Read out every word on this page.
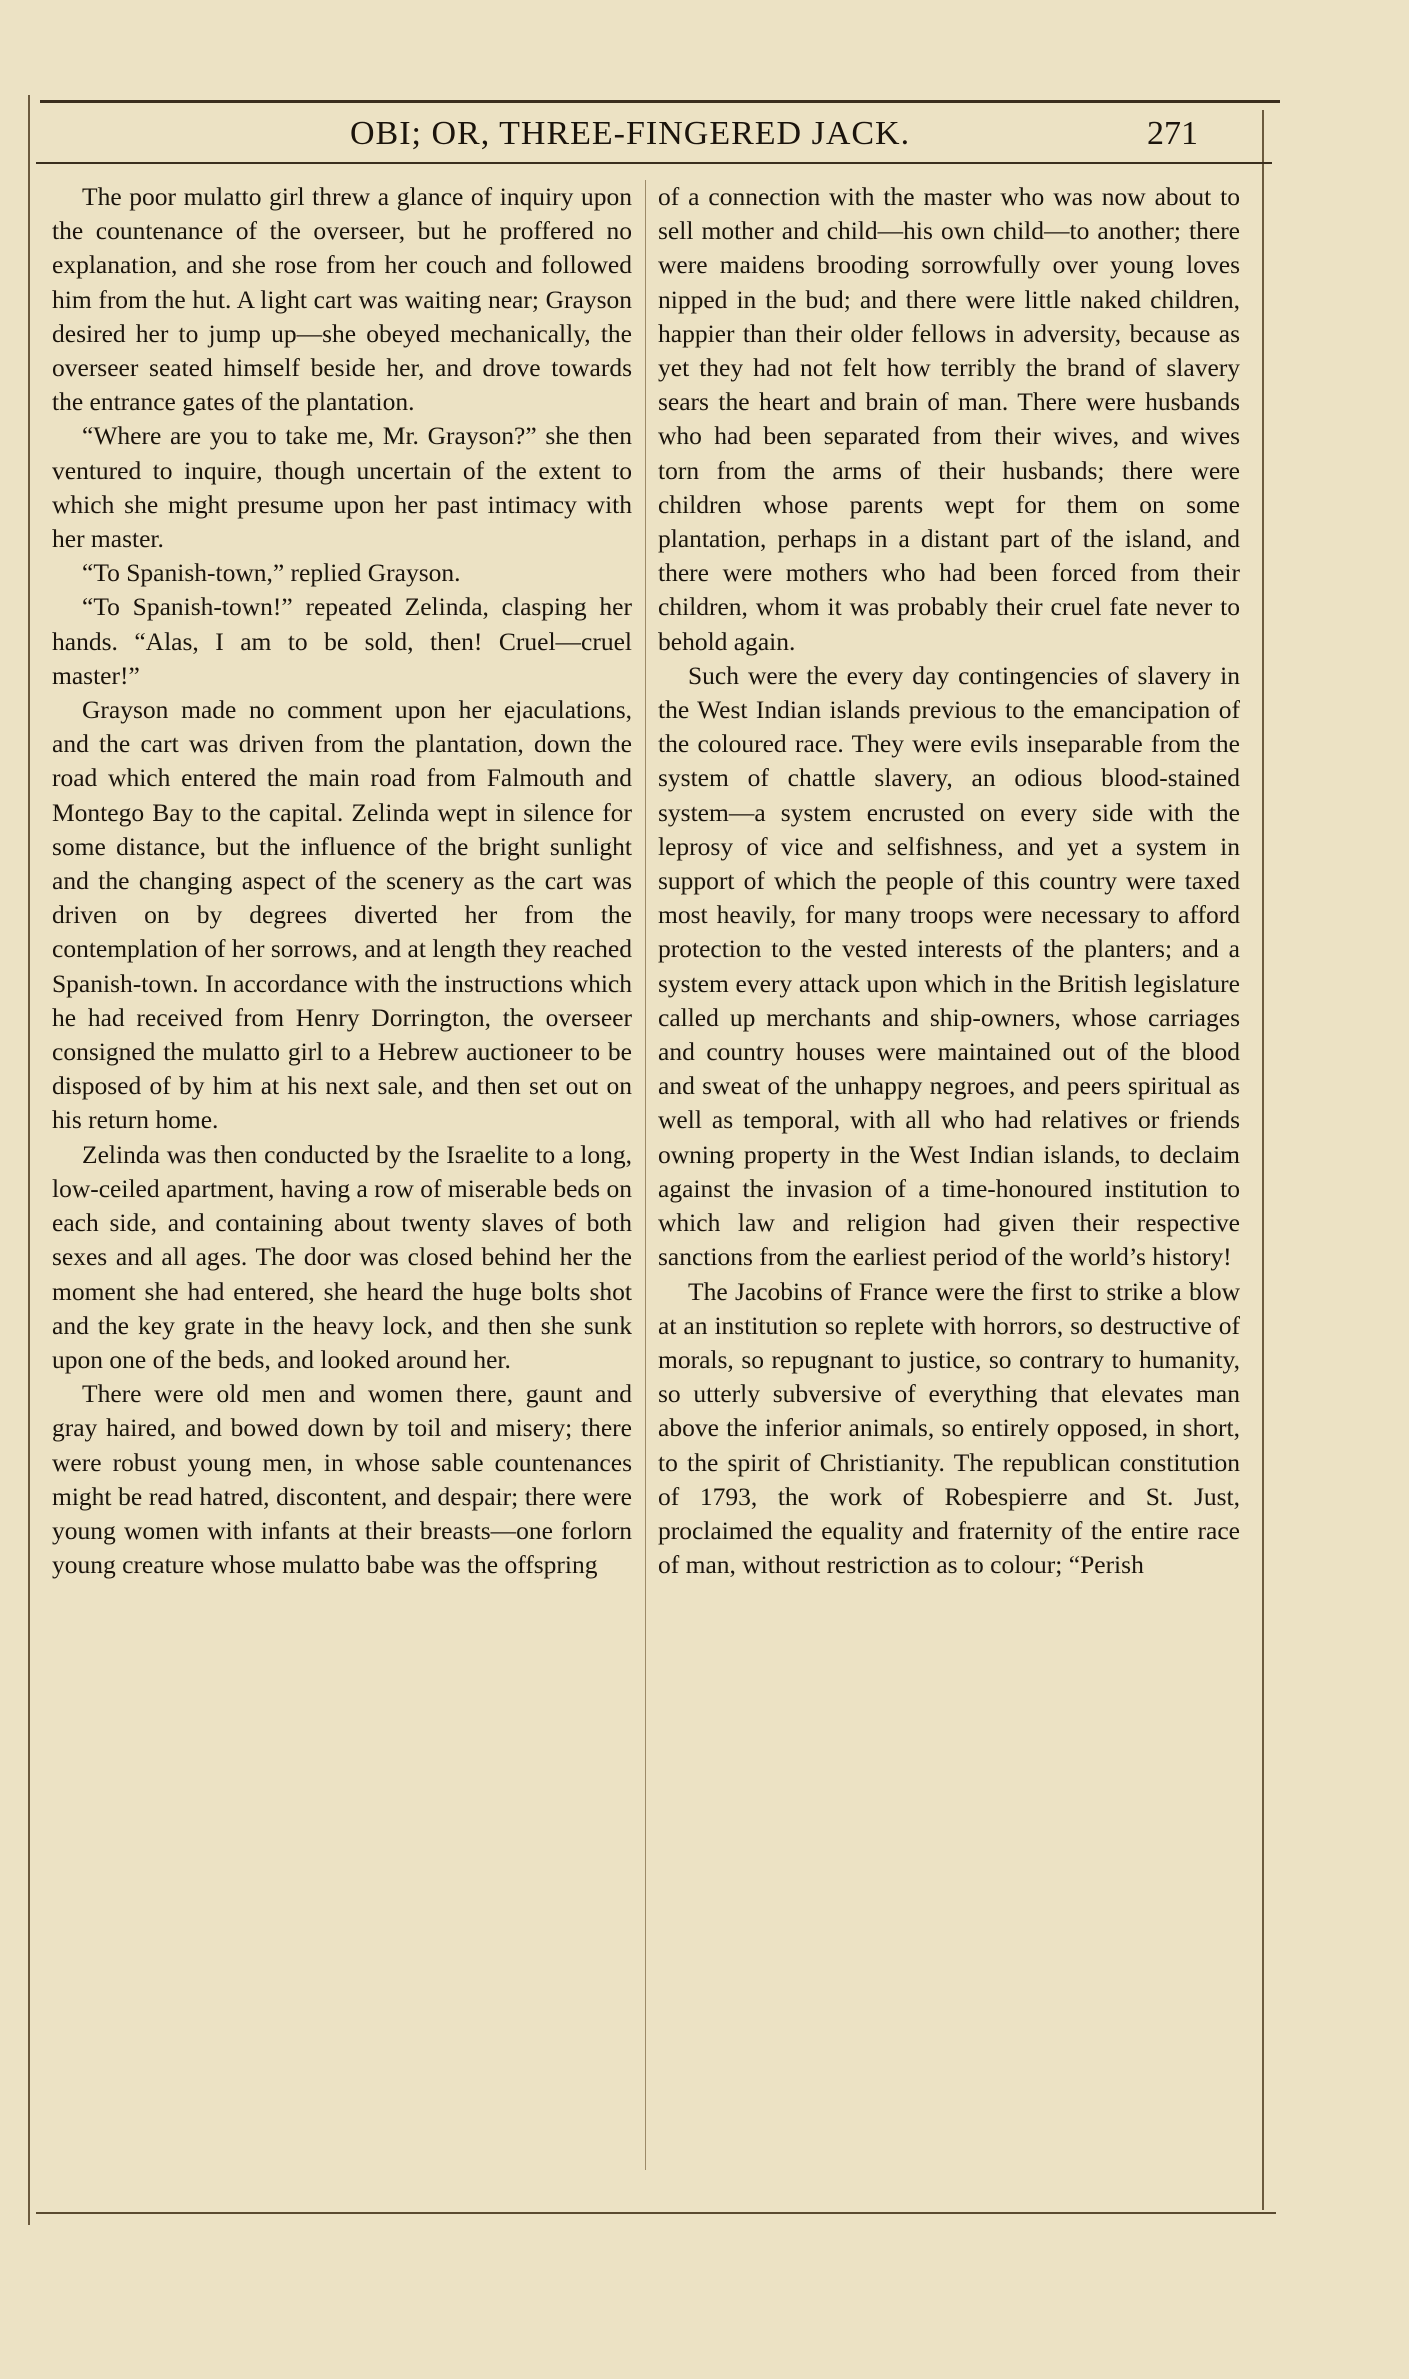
OBI; OR, THREE-FINGERED JACK.	271

The poor mulatto girl threw a glance of inquiry upon the countenance of the overseer, but he proffered no explanation, and she rose from her couch and followed him from the hut. A light cart was waiting near; Grayson desired her to jump up—she obeyed mechanically, the overseer seated himself beside her, and drove towards the entrance gates of the plantation.

“Where are you to take me, Mr. Grayson?” she then ventured to inquire, though uncertain of the extent to which she might presume upon her past intimacy with her master.

“To Spanish-town,” replied Grayson.

“To Spanish-town!” repeated Zelinda, clasping her hands. “Alas, I am to be sold, then! Cruel—cruel master!”

Grayson made no comment upon her ejaculations, and the cart was driven from the plantation, down the road which entered the main road from Falmouth and Montego Bay to the capital. Zelinda wept in silence for some distance, but the influence of the bright sunlight and the changing aspect of the scenery as the cart was driven on by degrees diverted her from the contemplation of her sorrows, and at length they reached Spanish-town. In accordance with the instructions which he had received from Henry Dorrington, the overseer consigned the mulatto girl to a Hebrew auctioneer to be disposed of by him at his next sale, and then set out on his return home.

Zelinda was then conducted by the Israelite to a long, low-ceiled apartment, having a row of miserable beds on each side, and containing about twenty slaves of both sexes and all ages. The door was closed behind her the moment she had entered, she heard the huge bolts shot and the key grate in the heavy lock, and then she sunk upon one of the beds, and looked around her.

There were old men and women there, gaunt and gray haired, and bowed down by toil and misery; there were robust young men, in whose sable countenances might be read hatred, discontent, and despair; there were young women with infants at their breasts—one forlorn young creature whose mulatto babe was the offspring

of a connection with the master who was now about to sell mother and child—his own child—to another; there were maidens brooding sorrowfully over young loves nipped in the bud; and there were little naked children, happier than their older fellows in adversity, because as yet they had not felt how terribly the brand of slavery sears the heart and brain of man. There were husbands who had been separated from their wives, and wives torn from the arms of their husbands; there were children whose parents wept for them on some plantation, perhaps in a distant part of the island, and there were mothers who had been forced from their children, whom it was probably their cruel fate never to behold again.

Such were the every day contingencies of slavery in the West Indian islands previous to the emancipation of the coloured race. They were evils inseparable from the system of chattle slavery, an odious blood-stained system—a system encrusted on every side with the leprosy of vice and selfishness, and yet a system in support of which the people of this country were taxed most heavily, for many troops were necessary to afford protection to the vested interests of the planters; and a system every attack upon which in the British legislature called up merchants and ship-owners, whose carriages and country houses were maintained out of the blood and sweat of the unhappy negroes, and peers spiritual as well as temporal, with all who had relatives or friends owning property in the West Indian islands, to declaim against the invasion of a time-honoured institution to which law and religion had given their respective sanctions from the earliest period of the world’s history!

The Jacobins of France were the first to strike a blow at an institution so replete with horrors, so destructive of morals, so repugnant to justice, so contrary to humanity, so utterly subversive of everything that elevates man above the inferior animals, so entirely opposed, in short, to the spirit of Christianity. The republican constitution of 1793, the work of Robespierre and St. Just, proclaimed the equality and fraternity of the entire race of man, without restriction as to colour; “Perish
